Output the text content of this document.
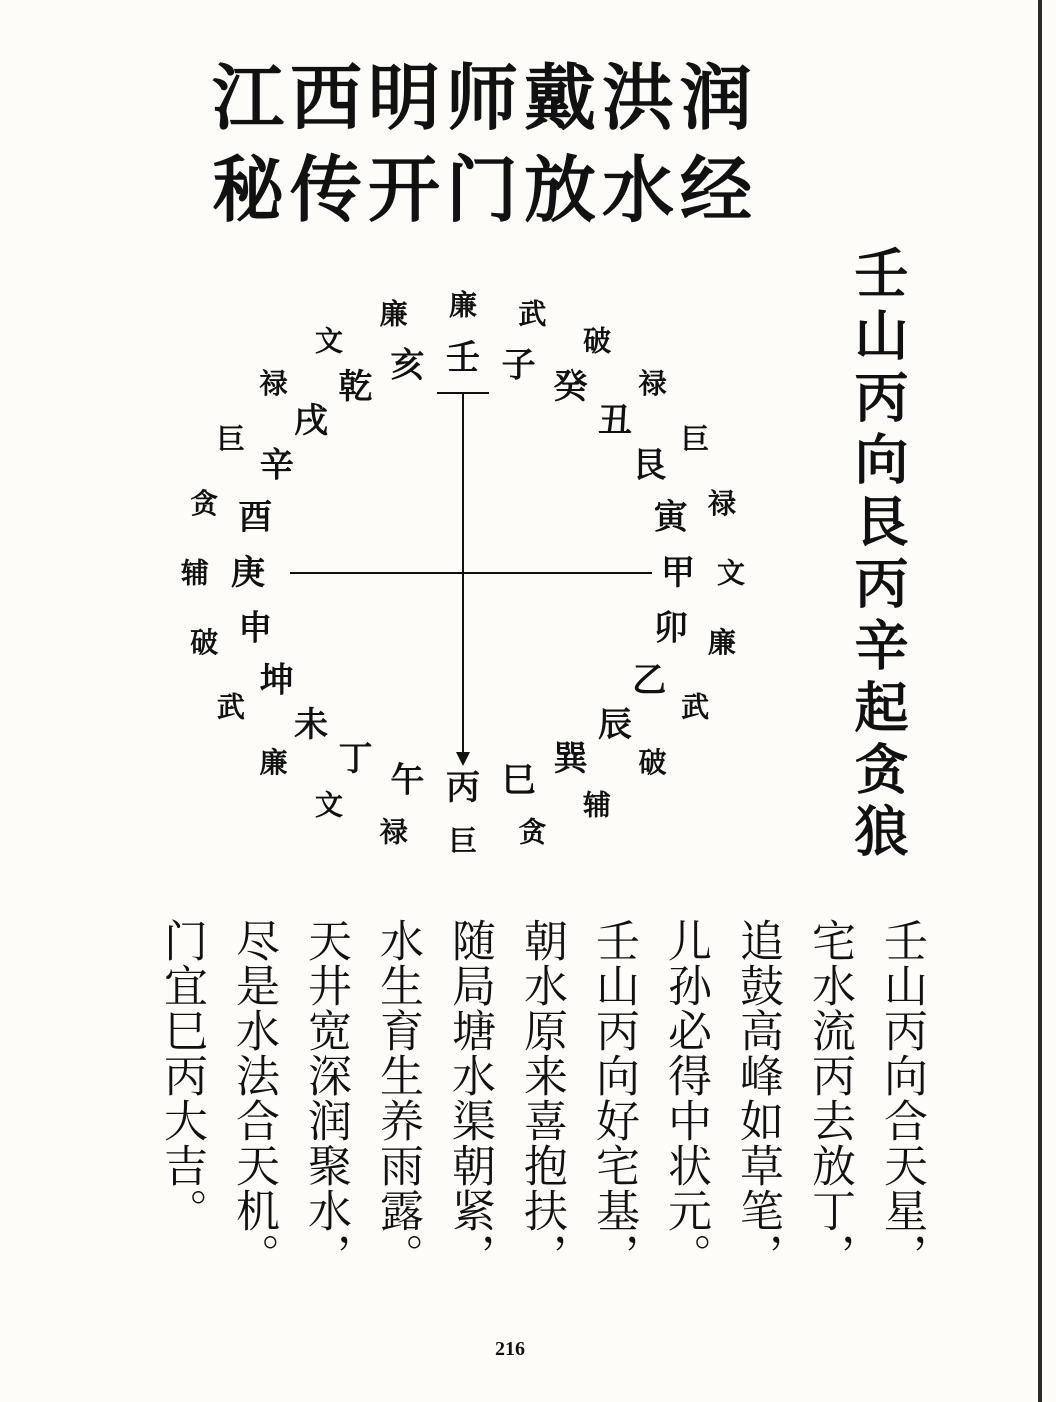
江西明师戴洪润
秘传开门放水经
壬山丙向艮丙辛起贪狼
壬 子
癸
丑
艮
寅
甲
卯
乙
辰
巽
巳
丙
午
丁
未
坤
申
庚
酉
辛
戌
乾
亥
廉 武
破
禄
巨
禄
文
廉
武
破
辅
贪
巨
禄
文
廉
武
破
辅
贪
巨
禄
文
廉
壬山丙向合天星，
宅水流丙去放丁，
追鼓高峰如草笔，
儿孙必得中状元。
壬山丙向好宅基，
朝水原来喜抱扶，
随局塘水渠朝紧，
水生育生养雨露。
天井宽深润聚水，
尽是水法合天机。
门宜巳丙大吉。
216
